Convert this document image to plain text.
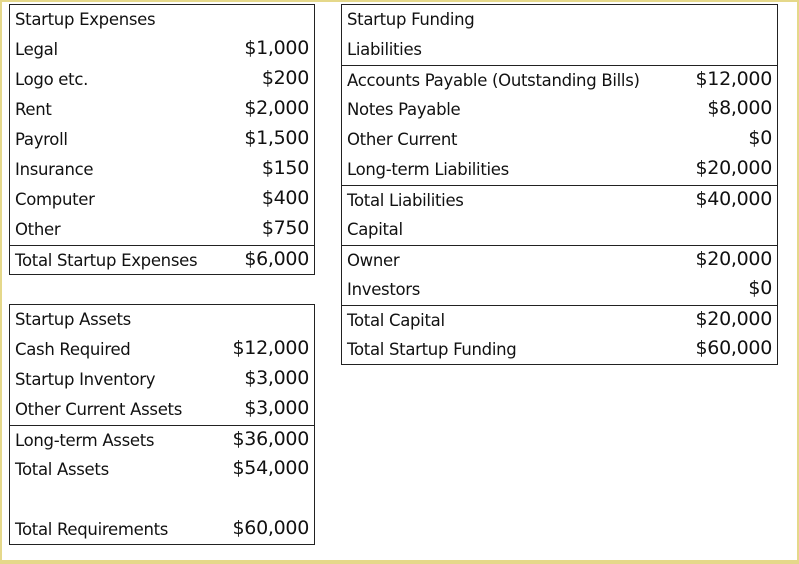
Startup Expenses
Legal	$1,000
Logo etc.	$200
Rent	$2,000
Payroll	$1,500
Insurance	$150
Computer	$400
Other	$750
Total Startup Expenses $6,000
Startup Assets
Cash Required	$12,000
Startup Inventory	$3,000
Other Current Assets	$3,000
Long-term Assets	$36,000
Total Assets	$54,000
Total Requirements	$60,000
Startup Funding
Liabilities
Accounts Payable (Outstanding Bills)	$12,000
Notes Payable	$8,000
Other Current	$0
Long-term Liabilities	$20,000
Total Liabilities	$40,000
Capital
Owner	$20,000
Investors	$0
Total Capital	$20,000
Total Startup Funding	$60,000
